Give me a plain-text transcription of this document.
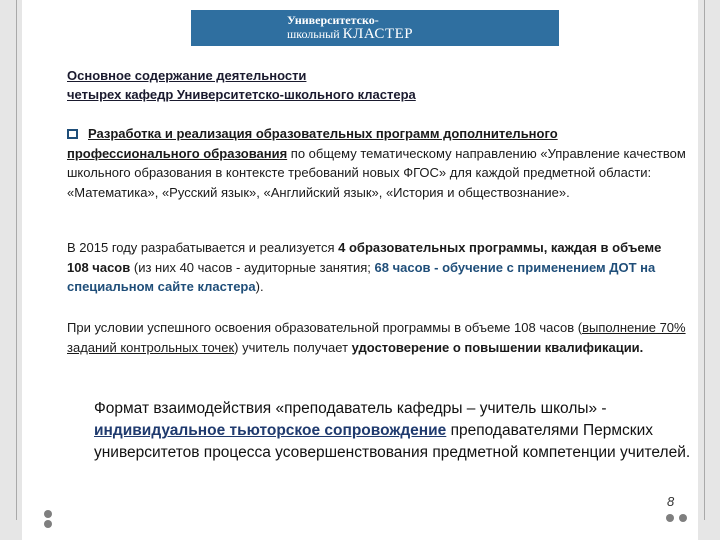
Университетско-
школьный КЛАСТЕР
Основное содержание деятельности
четырех кафедр Университетско-школьного кластера
Разработка и реализация образовательных программ дополнительного профессионального образования по общему тематическому направлению «Управление качеством школьного образования в контексте требований новых ФГОС» для каждой предметной области: «Математика», «Русский язык», «Английский язык», «История и обществознание».
В 2015 году разрабатывается и реализуется 4 образовательных программы, каждая в объеме 108 часов (из них 40 часов - аудиторные занятия; 68 часов - обучение с применением ДОТ на специальном сайте кластера).
При условии успешного освоения образовательной программы в объеме 108 часов (выполнение 70% заданий контрольных точек) учитель получает удостоверение о повышении квалификации.
Формат взаимодействия «преподаватель кафедры – учитель школы» - индивидуальное тьюторское сопровождение преподавателями Пермских университетов процесса усовершенствования предметной компетенции учителей.
8
